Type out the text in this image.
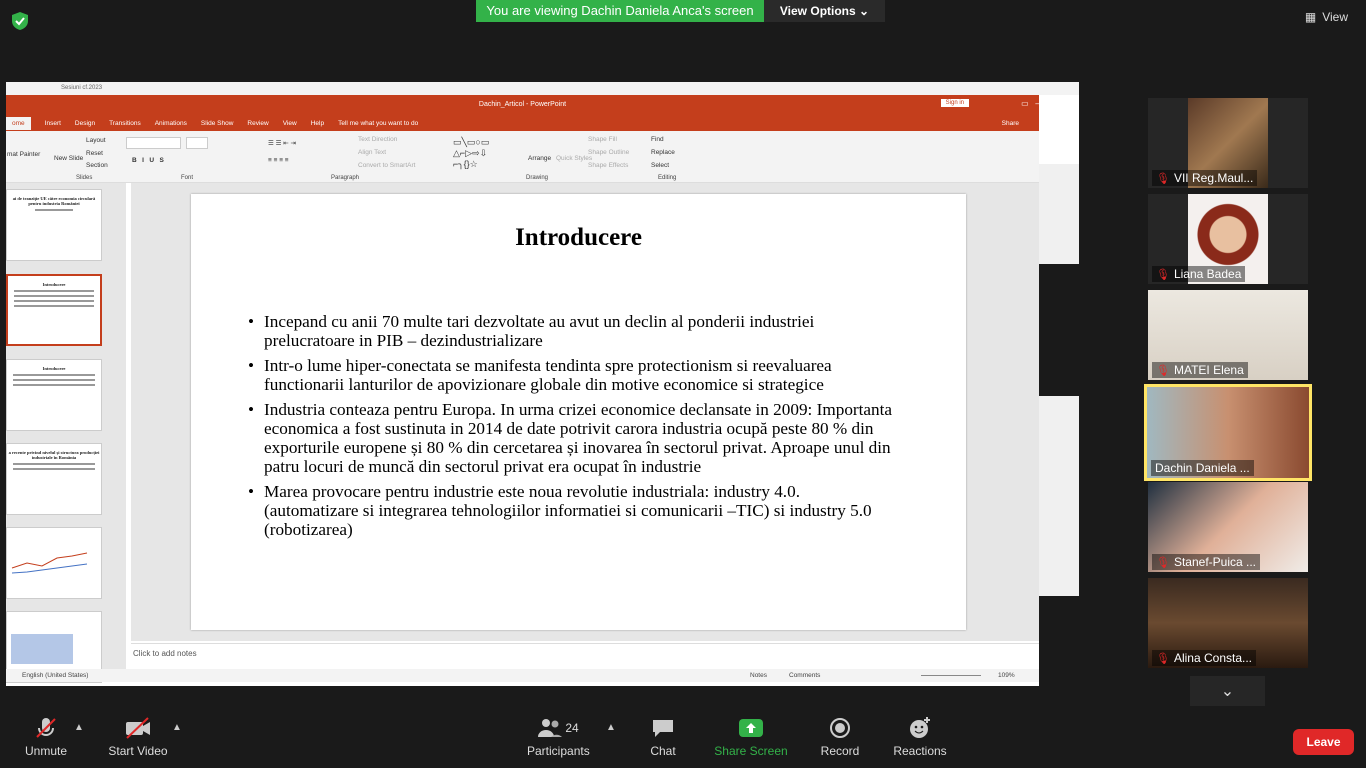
You are viewing Dachin Daniela Anca's screen	View Options ⌄	▦ View
Sesiuni cf.2023
Dachin_Articol - PowerPoint	Sign in	▭   –   ☐   ✕
ome	Insert Design Transitions Animations Slide Show Review View Help Tell me what you want to do	Share
mat Painter
New Slide
Layout
Reset
Section
B   I   U   S
☰ ☰ ⇤ ⇥
≡ ≡ ≡ ≡
Text Direction
Align Text
Convert to SmartArt
▭╲▭○▭
△⌐▷⇨⇩
⌐╮{}☆
Arrange Quick Styles
Shape Fill
Shape Outline
Shape Effects
Find
Replace
Select
Slides	Font	Paragraph	Drawing	Editing
ai de tranziţie UE către economia circulară pentru industria României
Introducere
Introducere
a recente privind nivelul și structura producției industriale în România
Introducere
• Incepand cu anii 70 multe tari dezvoltate au avut un declin al ponderii industriei prelucratoare in PIB – dezindustrializare
• Intr-o lume hiper-conectata se manifesta tendinta spre protectionism si reevaluarea functionarii lanturilor de apovizionare globale din motive economice si strategice
• Industria conteaza pentru Europa. In urma crizei economice declansate in 2009: Importanta economica a fost sustinuta in 2014 de date potrivit carora industria ocupă peste 80 % din exporturile europene și 80 % din cercetarea și inovarea în sectorul privat. Aproape unul din patru locuri de muncă din sectorul privat era ocupat în industrie
• Marea provocare pentru industrie este noua revolutie industriala: industry 4.0. (automatizare si integrarea tehnologiilor informatiei si comunicarii –TIC) si industry 5.0 (robotizarea)
Click to add notes
English (United States)	Notes	Comments	109%
🎙 VII Reg.Maul...
🎙 Liana Badea
🎙 MATEI Elena
Dachin Daniela ...
🎙 Stanef-Puica ...
🎙 Alina Consta...
⌄
Unmute
▲
Start Video
▲	24
Participants
▲
Chat	Share Screen	Record	Reactions
Leave
